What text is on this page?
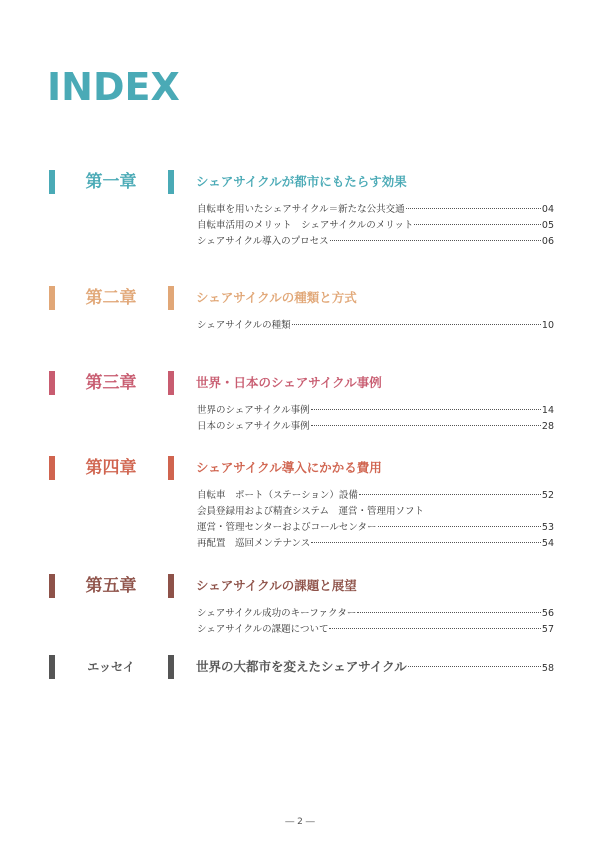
INDEX
第一章	シェアサイクルが都市にもたらす効果
自転車を用いたシェアサイクル＝新たな公共交通	04
自転車活用のメリット　シェアサイクルのメリット	05
シェアサイクル導入のプロセス	06
第二章	シェアサイクルの種類と方式
シェアサイクルの種類	10
第三章	世界・日本のシェアサイクル事例
世界のシェアサイクル事例	14
日本のシェアサイクル事例	28
第四章	シェアサイクル導入にかかる費用
自転車　ポート（ステーション）設備	52
会員登録用および精査システム　運営・管理用ソフト
運営・管理センターおよびコールセンター	53
再配置　巡回メンテナンス	54
第五章	シェアサイクルの課題と展望
シェアサイクル成功のキーファクター	56
シェアサイクルの課題について	57
エッセイ	世界の大都市を変えたシェアサイクル	58
― 2 ―
